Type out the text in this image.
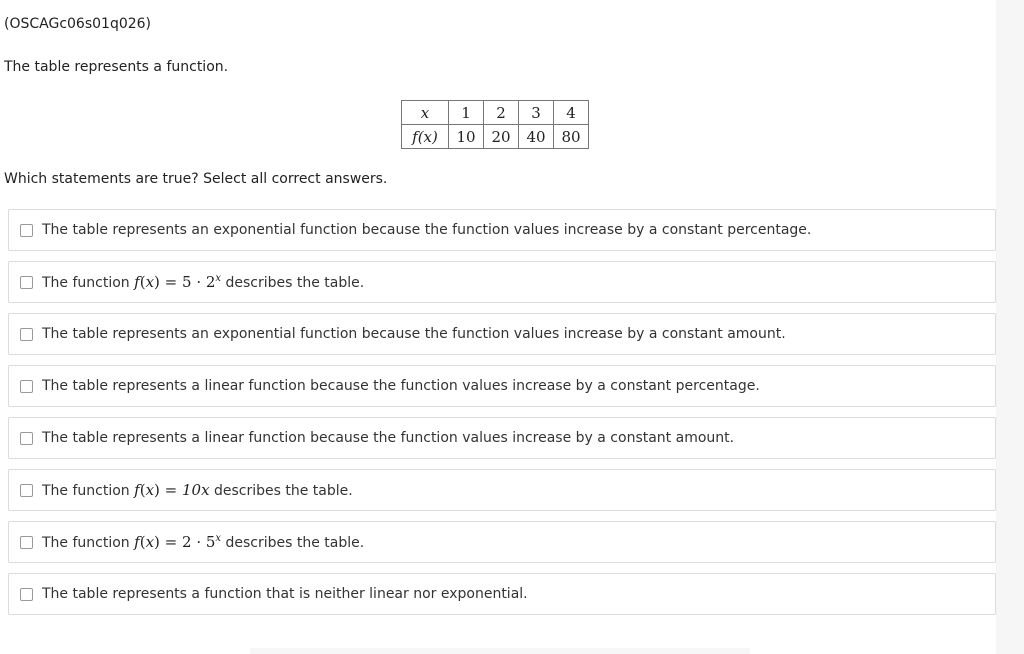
(OSCAGc06s01q026)
The table represents a function.
x	1	2	3	4
f(x)	10	20	40	80
Which statements are true? Select all correct answers.
The table represents an exponential function because the function values increase by a constant percentage.
The function $f(x) = 5 \cdot 2^x$ describes the table.
The table represents an exponential function because the function values increase by a constant amount.
The table represents a linear function because the function values increase by a constant percentage.
The table represents a linear function because the function values increase by a constant amount.
The function f(x) = 10x describes the table.
The function $f(x) = 2 \cdot 5^x$ describes the table.
The table represents a function that is neither linear nor exponential.
